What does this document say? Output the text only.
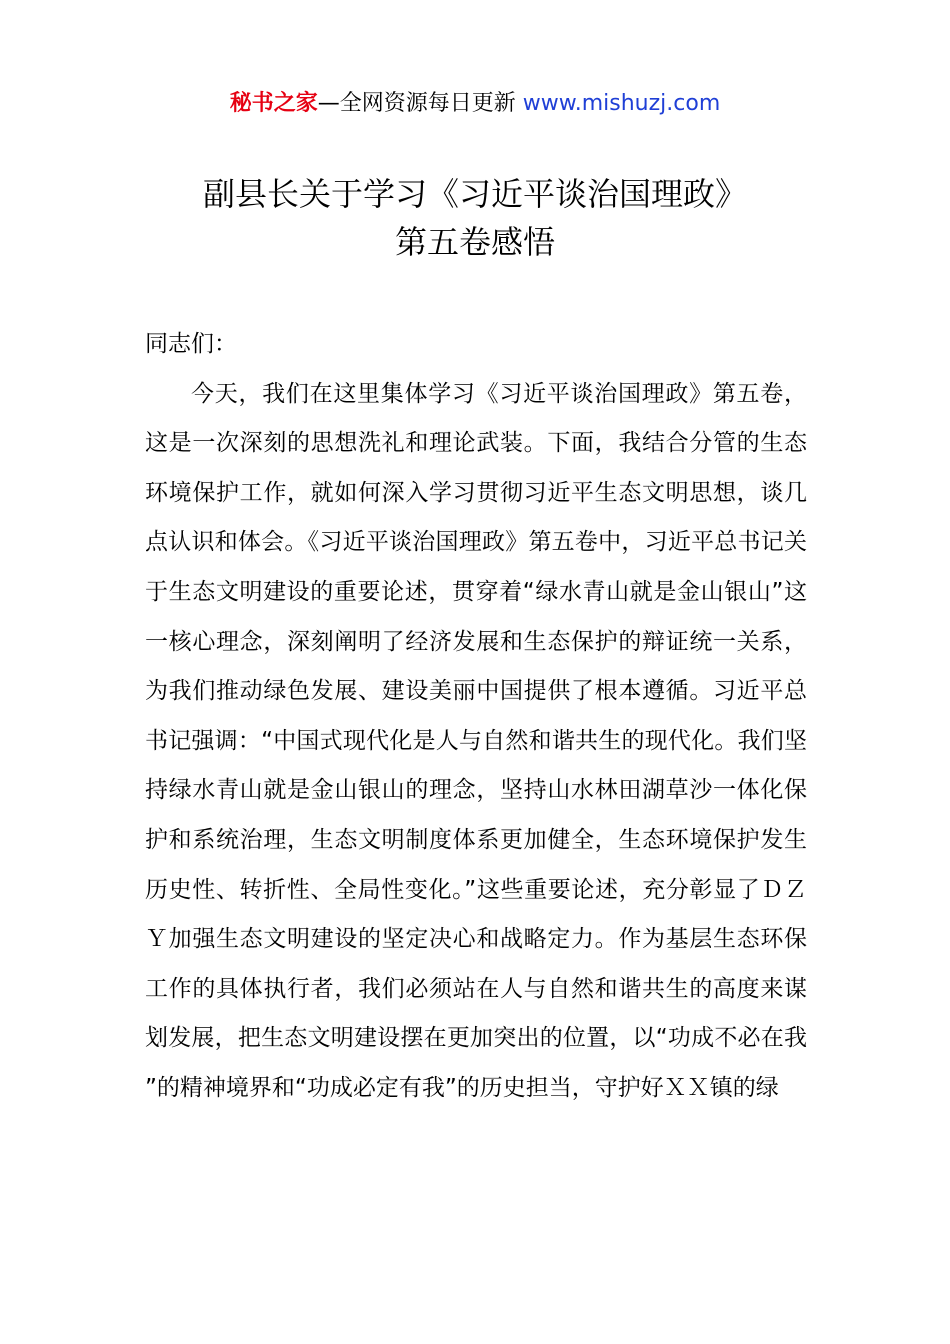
秘书之家—全网资源每日更新 www.mishuzj.com
副县长关于学习《习近平谈治国理政》
第五卷感悟
同志们：

今天，我们在这里集体学习《习近平谈治国理政》第五卷，这是一次深刻的思想洗礼和理论武装。下面，我结合分管的生态环境保护工作，就如何深入学习贯彻习近平生态文明思想，谈几点认识和体会。《习近平谈治国理政》第五卷中，习近平总书记关于生态文明建设的重要论述，贯穿着“绿水青山就是金山银山”这一核心理念，深刻阐明了经济发展和生态保护的辩证统一关系，为我们推动绿色发展、建设美丽中国提供了根本遵循。习近平总书记强调：“中国式现代化是人与自然和谐共生的现代化。我们坚持绿水青山就是金山银山的理念，坚持山水林田湖草沙一体化保护和系统治理，生态文明制度体系更加健全，生态环境保护发生历史性、转折性、全局性变化。”这些重要论述，充分彰显了ＤＺＹ加强生态文明建设的坚定决心和战略定力。作为基层生态环保工作的具体执行者，我们必须站在人与自然和谐共生的高度来谋划发展，把生态文明建设摆在更加突出的位置，以“功成不必在我”的精神境界和“功成必定有我”的历史担当，守护好ＸＸ镇的绿
